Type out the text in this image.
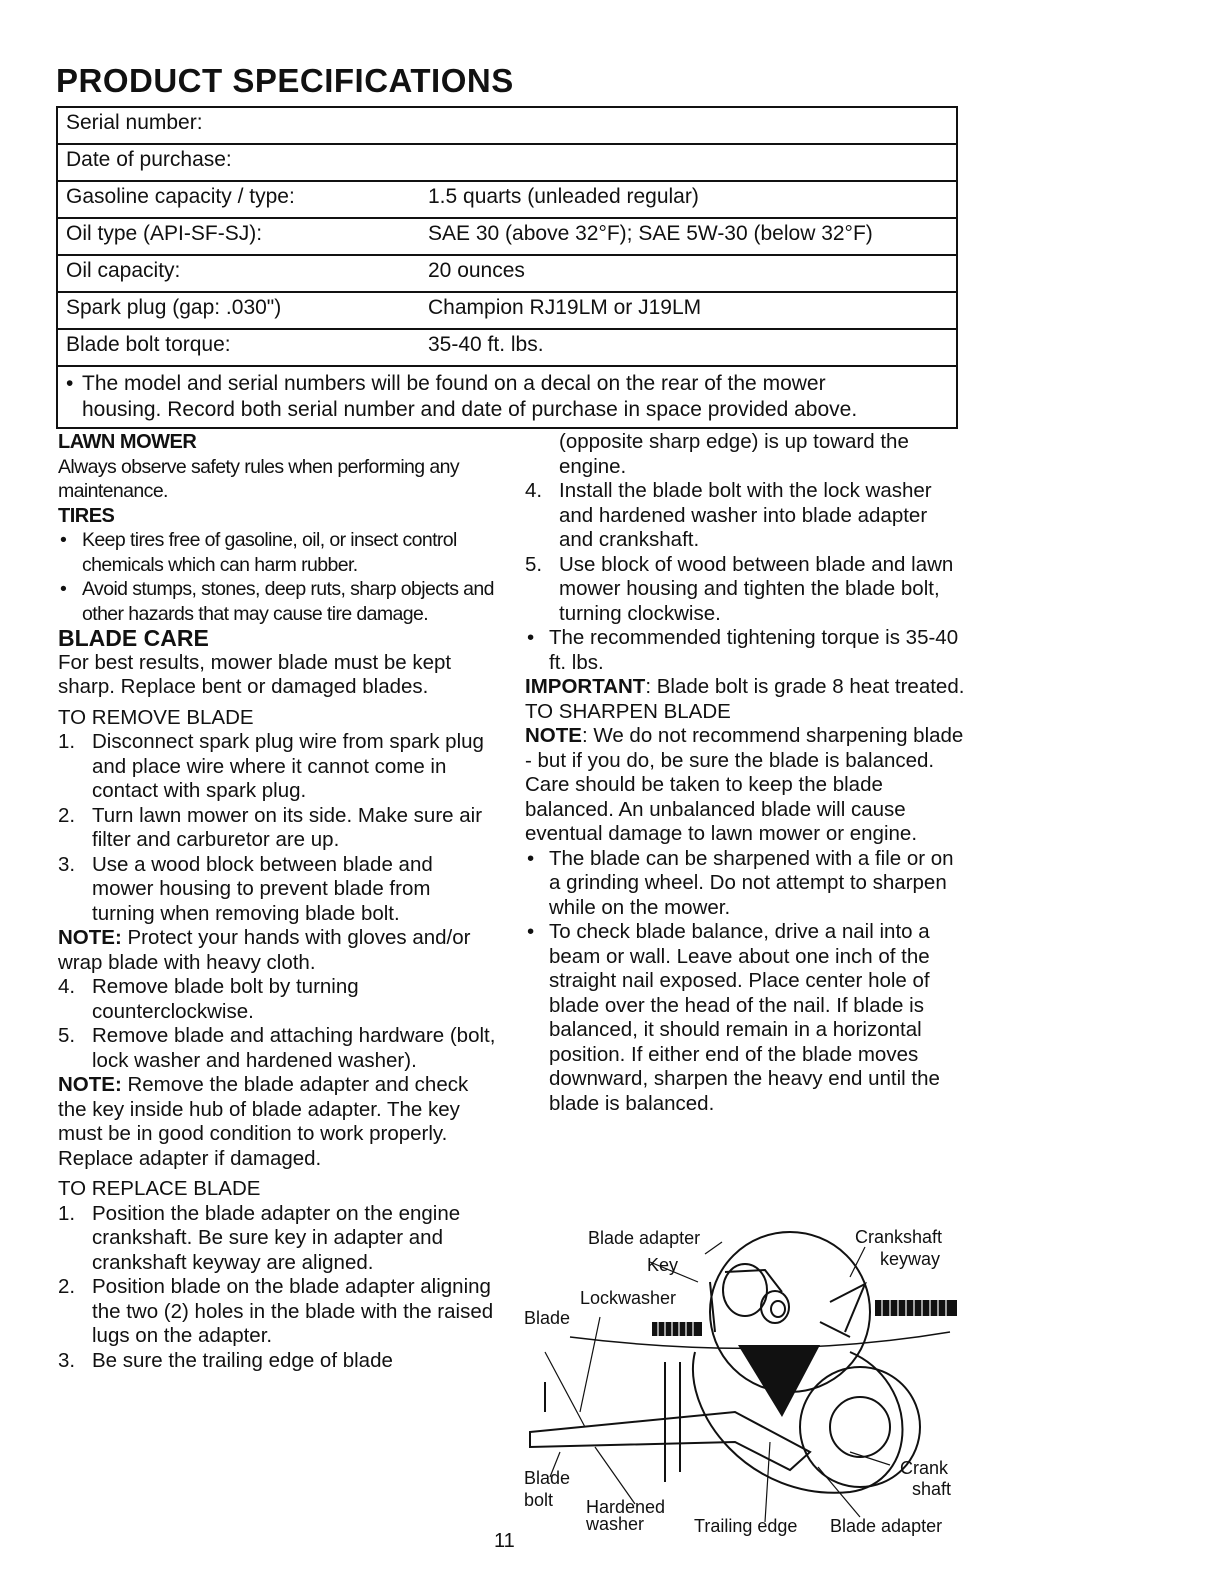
PRODUCT SPECIFICATIONS
Serial number:	
Date of purchase:	
Gasoline capacity / type:	1.5 quarts (unleaded regular)
Oil type (API-SF-SJ):	SAE 30 (above 32°F); SAE 5W-30 (below 32°F)
Oil capacity:	20 ounces
Spark plug (gap: .030")	Champion RJ19LM or J19LM
Blade bolt torque:	35-40 ft. lbs.
• The model and serial numbers will be found on a decal on the rear of the mower
housing. Record both serial number and date of purchase in space provided above.	

LAWN MOWER

Always observe safety rules when performing any maintenance.

TIRES

• Keep tires free of gasoline, oil, or insect control chemicals which can harm rubber.
• Avoid stumps, stones, deep ruts, sharp objects and other hazards that may cause tire damage.

BLADE CARE

For best results, mower blade must be kept sharp. Replace bent or damaged blades.

TO REMOVE BLADE

1. Disconnect spark plug wire from spark plug and place wire where it cannot come in contact with spark plug.
2. Turn lawn mower on its side. Make sure air filter and carburetor are up.
3. Use a wood block between blade and mower housing to prevent blade from turning when removing blade bolt.

NOTE: Protect your hands with gloves and/or wrap blade with heavy cloth.

4. Remove blade bolt by turning counterclockwise.
5. Remove blade and attaching hardware (bolt, lock washer and hardened washer).

NOTE: Remove the blade adapter and check the key inside hub of blade adapter. The key must be in good condition to work properly. Replace adapter if damaged.

TO REPLACE BLADE

1. Position the blade adapter on the engine crankshaft. Be sure key in adapter and crankshaft keyway are aligned.
2. Position blade on the blade adapter aligning the two (2) holes in the blade with the raised lugs on the adapter.
3. Be sure the trailing edge of blade

(opposite sharp edge) is up toward the engine.

4. Install the blade bolt with the lock washer and hardened washer into blade adapter and crankshaft.
5. Use block of wood between blade and lawn mower housing and tighten the blade bolt, turning clockwise.
• The recommended tightening torque is 35-40 ft. lbs.

IMPORTANT: Blade bolt is grade 8 heat treated.

TO SHARPEN BLADE

NOTE: We do not recommend sharpening blade - but if you do, be sure the blade is balanced.

Care should be taken to keep the blade balanced. An unbalanced blade will cause eventual damage to lawn mower or engine.

• The blade can be sharpened with a file or on a grinding wheel. Do not attempt to sharpen while on the mower.
• To check blade balance, drive a nail into a beam or wall. Leave about one inch of the straight nail exposed. Place center hole of blade over the head of the nail. If blade is balanced, it should remain in a horizontal position. If either end of the blade moves downward, sharpen the heavy end until the blade is balanced.
Blade adapter	Crankshaft
keyway
Key
Lockwasher
Blade
Blade
bolt Hardened
washer	Trailing edge Blade adapter
Crank
shaft
11
